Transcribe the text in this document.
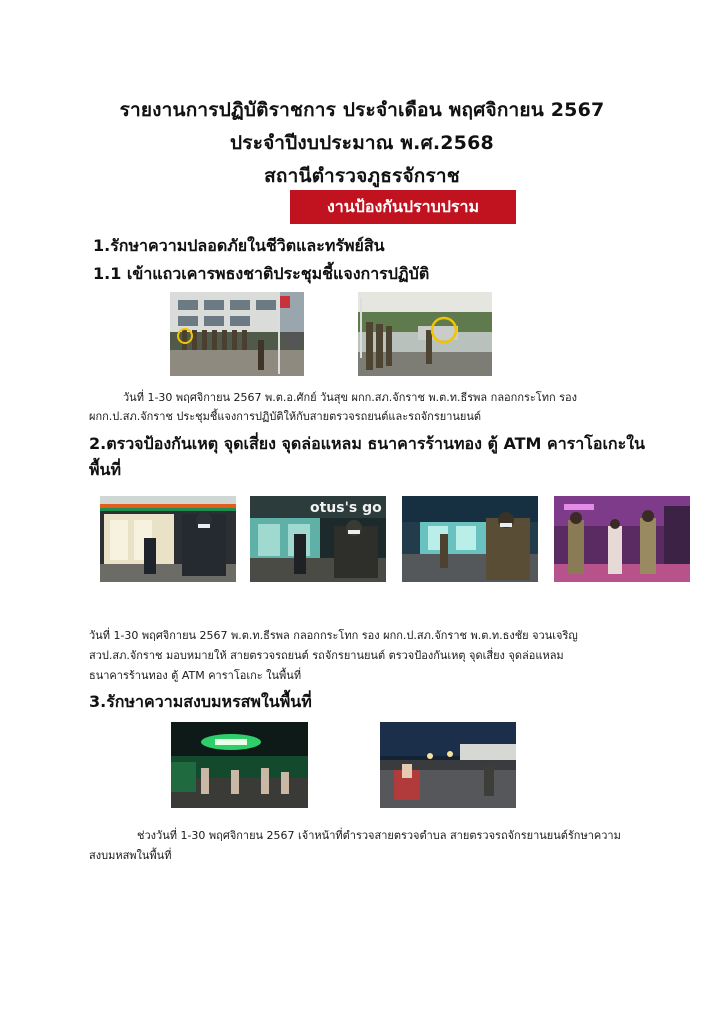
รายงานการปฏิบัติราชการ ประจำเดือน พฤศจิกายน 2567
ประจำปีงบประมาณ พ.ศ.2568
สถานีตำรวจภูธรจักราช
งานป้องกันปราบปราม
1.รักษาความปลอดภัยในชีวิตและทรัพย์สิน
1.1 เข้าแถวเคารพธงชาติประชุมชี้แจงการปฏิบัติ
วันที่ 1-30 พฤศจิกายน 2567 พ.ต.อ.ศักย์ วันสุข ผกก.สภ.จักราช พ.ต.ท.ธีรพล กลอกกระโทก รอง
ผกก.ป.สภ.จักราช ประชุมชี้แจงการปฏิบัติให้กับสายตรวจรถยนต์และรถจักรยานยนต์
2.ตรวจป้องกันเหตุ จุดเสี่ยง จุดล่อแหลม ธนาคารร้านทอง ตู้ ATM คาราโอเกะใน
พื้นที่
otus's go
วันที่ 1-30 พฤศจิกายน 2567 พ.ต.ท.ธีรพล กลอกกระโทก รอง ผกก.ป.สภ.จักราช พ.ต.ท.ธงชัย จวนเจริญ
สวป.สภ.จักราช มอบหมายให้ สายตรวจรถยนต์ รถจักรยานยนต์ ตรวจป้องกันเหตุ จุดเสี่ยง จุดล่อแหลม
ธนาคารร้านทอง ตู้ ATM คาราโอเกะ ในพื้นที่
3.รักษาความสงบมหรสพในพื้นที่
ช่วงวันที่ 1-30 พฤศจิกายน 2567 เจ้าหน้าที่ตำรวจสายตรวจตำบล สายตรวจรถจักรยานยนต์รักษาความ
สงบมหสพในพื้นที่
